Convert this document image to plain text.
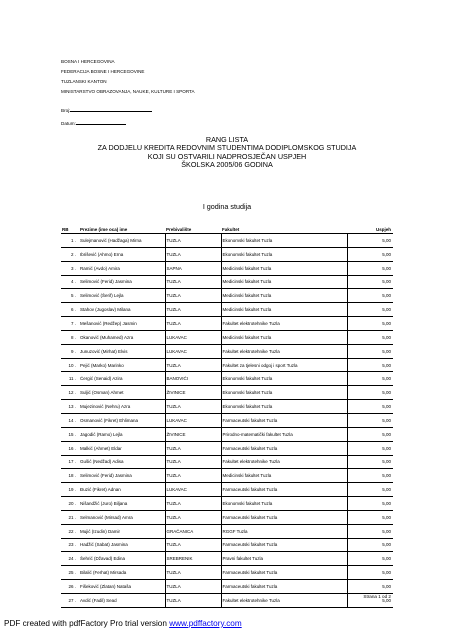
BOSNA I HERCEGOVINA
FEDERACIJA BOSNE I HERCEGOVINE
TUZLANSKI KANTON
MINISTARSTVO OBRAZOVANJA, NAUKE, KULTURE I SPORTA
Broj:
Datum:
RANG LISTA
ZA DODJELU KREDITA REDOVNIM STUDENTIMA DODIPLOMSKOG STUDIJA
KOJI SU OSTVARILI NADPROSJEČAN USPJEH
ŠKOLSKA 2005/06 GODINA
I godina studija
RB	Prezime (ime oca) ime	Prebivalište	Fakultet	Uspjeh
1 .	Sulejmanović (Hadžaga) Mirna	TUZLA	Ekonomski fakultet Tuzla	5,00
2 .	Ibrišević (Ahmo) Erna	TUZLA	Ekonomski fakultet Tuzla	5,00
3 .	Ramić (Avdo) Amira	SAPNA	Medicinski fakultet Tuzla	5,00
4 .	Selimović (Ferid) Jasmina	TUZLA	Medicinski fakultet Tuzla	5,00
5 .	Selimović (Šerif) Lejla	TUZLA	Medicinski fakultet Tuzla	5,00
6 .	Stahov (Jugoslav) Milana	TUZLA	Medicinski fakultet Tuzla	5,00
7 .	Mešanović (Redžep) Jasmin	TUZLA	Fakultet elektrotehnike Tuzla	5,00
8 .	Okanović (Muhamed) Azra	LUKAVAC	Medicinski fakultet Tuzla	5,00
9 .	Junuzović (Mirhat) Elvis	LUKAVAC	Fakultet elektrotehnike Tuzla	5,00
10 .	Pejić (Marko) Marinko	TUZLA	Fakultet za tjelesni odgoj i sport Tuzla	5,00
11 .	Ćergić (Senaid) Azira	BANOVIĆI	Ekonomski fakultet Tuzla	5,00
12 .	Suljić (Osman) Ahmet	ŽIVINICE	Ekonomski fakultet Tuzla	5,00
13 .	Mujezinović (Nehru) Azra	TUZLA	Ekonomski fakultet Tuzla	5,00
14 .	Osmanović (Fikret) Ehlimana	LUKAVAC	Farmaceutski fakultet Tuzla	5,00
15 .	Jagodić (Ramo) Lejla	ŽIVINICE	Prirodno-matematički fakultet Tuzla	5,00
16 .	Malkić (Ahmet) Eldar	TUZLA	Farmaceutski fakultet Tuzla	5,00
17 .	Gušić (Nedžad) Adisa	TUZLA	Fakultet elektrotehnike Tuzla	5,00
18 .	Selimović (Ferid) Jasmina	TUZLA	Medicinski fakultet Tuzla	5,00
19 .	Đuzić (Fikret) Adnan	LUKAVAC	Farmaceutski fakultet Tuzla	5,00
20 .	Nišandžić (Juro) Biljana	TUZLA	Ekonomski fakultet Tuzla	5,00
21 .	Selmanović (Mirsad) Amra	TUZLA	Farmaceutski fakultet Tuzla	5,00
22 .	Mujić (Izudin) Damir	GRAČANICA	RGGF Tuzla	5,00
23 .	Hadžić (Sabat) Jasmina	TUZLA	Farmaceutski fakultet Tuzla	5,00
24 .	Šehrić (Džavad) Edina	SREBRENIK	Pravni fakultet Tuzla	5,00
25 .	Bilalić (Ferhat) Mirsada	TUZLA	Farmaceutski fakultet Tuzla	5,00
26 .	Fišeković (Zlatan) Nataša	TUZLA	Farmaceutski fakultet Tuzla	5,00
27 .	Avdić (Fadil) Sead	TUZLA	Fakultet elektrotehnike Tuzla	5,00
Strana 1 od 2
PDF created with pdfFactory Pro trial version www.pdffactory.com
